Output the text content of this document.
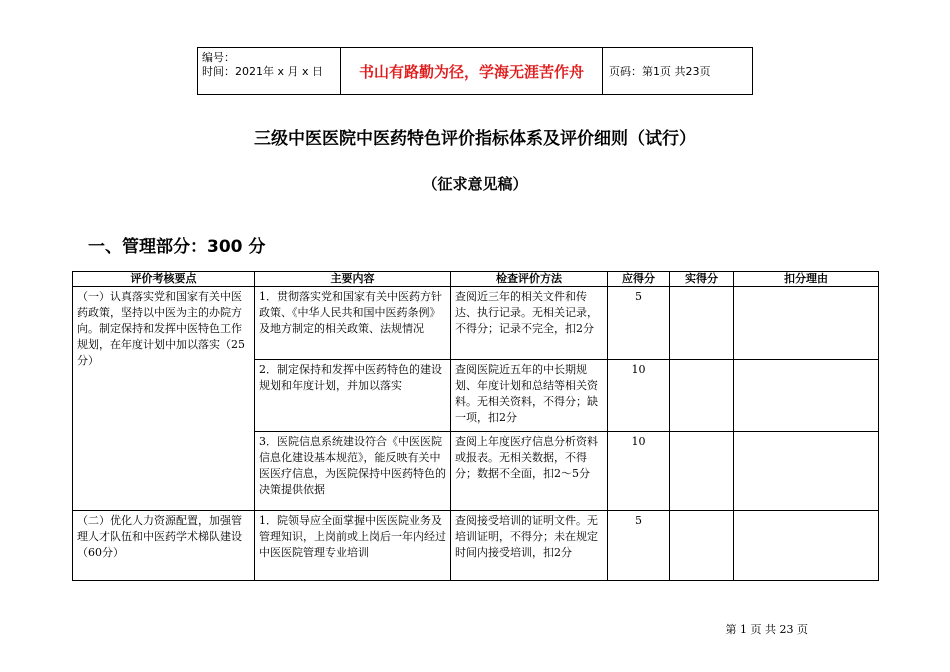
编号：
时间：2021年 x 月 x 日	书山有路勤为径，学海无涯苦作舟	页码：第1页 共23页
三级中医医院中医药特色评价指标体系及评价细则（试行）
（征求意见稿）
一、管理部分：300 分
评价考核要点	主要内容	检查评价方法	应得分	实得分	扣分理由
（一）认真落实党和国家有关中医药政策，坚持以中医为主的办院方向。制定保持和发挥中医特色工作规划，在年度计划中加以落实（25分）	1．贯彻落实党和国家有关中医药方针政策、《中华人民共和国中医药条例》及地方制定的相关政策、法规情况	查阅近三年的相关文件和传达、执行记录。无相关记录，不得分；记录不完全，扣2分	5		
	2．制定保持和发挥中医药特色的建设规划和年度计划，并加以落实	查阅医院近五年的中长期规划、年度计划和总结等相关资料。无相关资料，不得分；缺一项，扣2分	10		
	3．医院信息系统建设符合《中医医院信息化建设基本规范》，能反映有关中医医疗信息，为医院保持中医药特色的决策提供依据	查阅上年度医疗信息分析资料或报表。无相关数据，不得分；数据不全面，扣2～5分	10		
（二）优化人力资源配置，加强管理人才队伍和中医药学术梯队建设（60分）	1．院领导应全面掌握中医医院业务及管理知识，上岗前或上岗后一年内经过中医医院管理专业培训	查阅接受培训的证明文件。无培训证明，不得分；未在规定时间内接受培训，扣2分	5		
第 1 页 共 23 页
